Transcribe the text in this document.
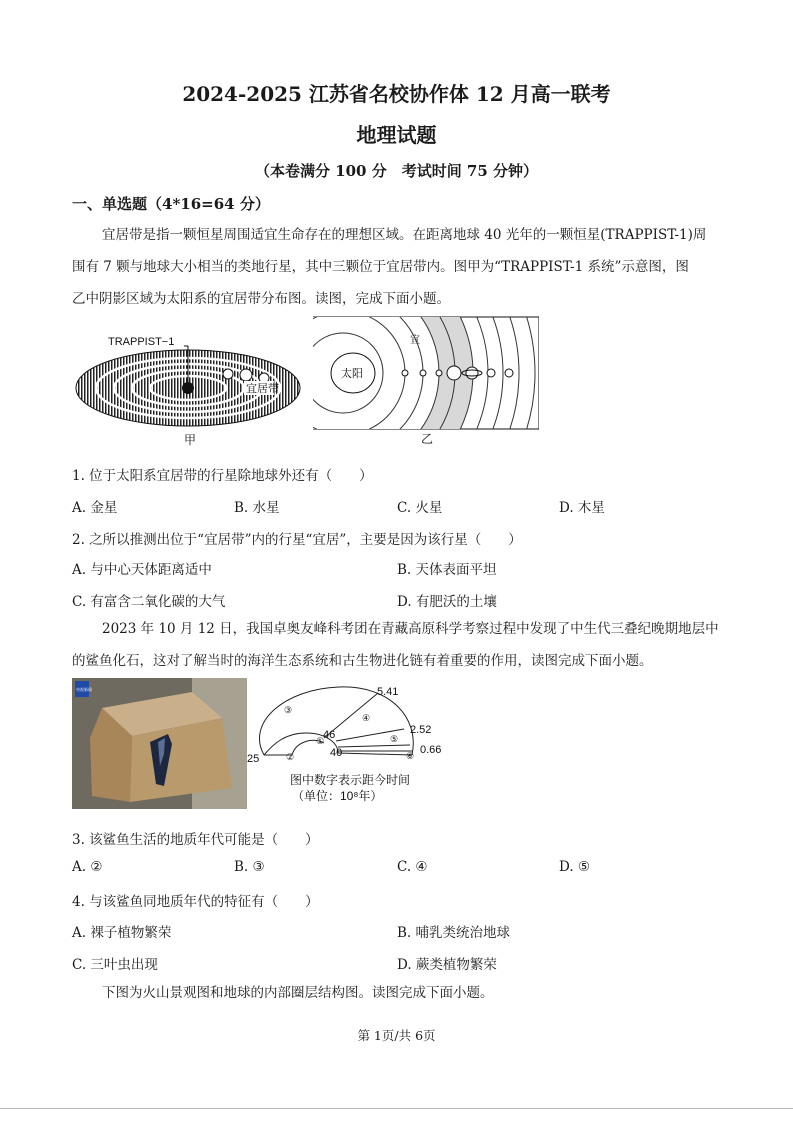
2024-2025 江苏省名校协作体 12 月高一联考
地理试题
（本卷满分 100 分　考试时间 75 分钟）
一、单选题（4*16=64 分）
宜居带是指一颗恒星周围适宜生命存在的理想区域。在距离地球 40 光年的一颗恒星(TRAPPIST-1)周
围有 7 颗与地球大小相当的类地行星，其中三颗位于宜居带内。图甲为“TRAPPIST-1 系统”示意图，图
乙中阴影区域为太阳系的宜居带分布图。读图，完成下面小题。
TRAPPIST−1
宜居带
甲
太阳
宜
乙
1. 位于太阳系宜居带的行星除地球外还有（　　）
A. 金星	B. 水星	C. 火星	D. 木星
2. 之所以推测出位于“宜居带”内的行星“宜居”，主要是因为该行星（　　）
A. 与中心天体距离适中	B. 天体表面平坦
C. 有富含二氧化碳的大气	D. 有肥沃的土壤
2023 年 10 月 12 日，我国卓奥友峰科考团在青藏高原科学考察过程中发现了中生代三叠纪晚期地层中
的鲨鱼化石，这对了解当时的海洋生态系统和古生物进化链有着重要的作用，读图完成下面小题。
央视新闻	5.41
2.52
0.66
46
40
25
①
②
③
④
⑤
⑥
图中数字表示距今时间
（单位：10⁸年）
3. 该鲨鱼生活的地质年代可能是（　　）
A. ②	B. ③	C. ④	D. ⑤
4. 与该鲨鱼同地质年代的特征有（　　）
A. 裸子植物繁荣	B. 哺乳类统治地球
C. 三叶虫出现	D. 蕨类植物繁荣
下图为火山景观图和地球的内部圈层结构图。读图完成下面小题。
第 1页/共 6页
